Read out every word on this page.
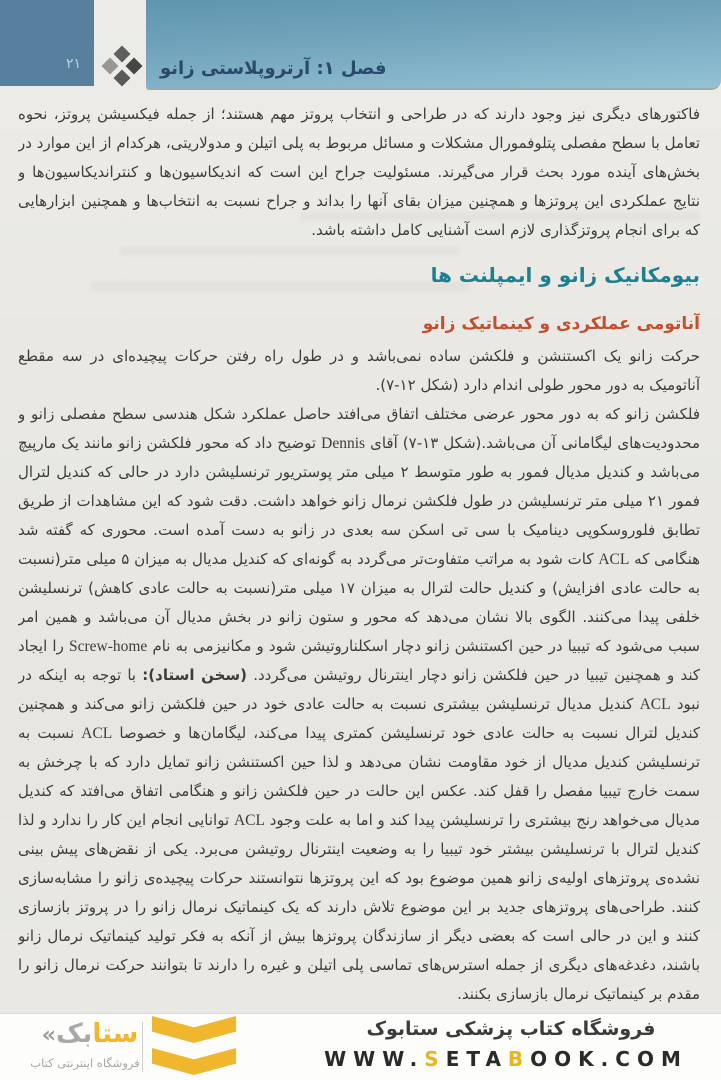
۲۱	فصل ۱: آرتروپلاستی زانو

فاکتورهای دیگری نیز وجود دارند که در طراحی و انتخاب پروتز مهم هستند؛ از جمله فیکسیشن پروتز، نحوه تعامل با سطح مفصلی پتلوفمورال مشکلات و مسائل مربوط به پلی اتیلن و مدولاریتی، هرکدام از این موارد در بخش‌های آینده مورد بحث قرار می‌گیرند. مسئولیت جراح این است که اندیکاسیون‌ها و کنتراندیکاسیون‌ها و نتایج عملکردی این پروتزها و همچنین میزان بقای آنها را بداند و جراح نسبت به انتخاب‌ها و همچنین ابزارهایی که برای انجام پروتزگذاری لازم است آشنایی کامل داشته باشد.

بیومکانیک زانو و ایمپلنت ها
آناتومی عملکردی و کینماتیک زانو

حرکت زانو یک اکستنشن و فلکشن ساده نمی‌باشد و در طول راه رفتن حرکات پیچیده‌ای در سه مقطع آناتومیک به دور محور طولی اندام دارد (شکل ۱۲-۷).

فلکشن زانو که به دور محور عرضی مختلف اتفاق می‌افتد حاصل عملکرد شکل هندسی سطح مفصلی زانو و محدودیت‌های لیگامانی آن می‌باشد.(شکل ۱۳-۷) آقای Dennis توضیح داد که محور فلکشن زانو مانند یک مارپیچ می‌باشد و کندیل مدیال فمور به طور متوسط ۲ میلی متر پوستریور ترنسلیشن دارد در حالی که کندیل لترال فمور ۲۱ میلی متر ترنسلیشن در طول فلکشن نرمال زانو خواهد داشت. دقت شود که این مشاهدات از طریق تطابق فلوروسکوپی دینامیک با سی تی اسکن سه بعدی در زانو به دست آمده است. محوری که گفته شد هنگامی که ACL کات شود به مراتب متفاوت‌تر می‌گردد به گونه‌ای که کندیل مدیال به میزان ۵ میلی متر(نسبت به حالت عادی افزایش) و کندیل حالت لترال به میزان ۱۷ میلی متر(نسبت به حالت عادی کاهش) ترنسلیشن خلفی پیدا می‌کنند. الگوی بالا نشان می‌دهد که محور و ستون زانو در بخش مدیال آن می‌باشد و همین امر سبب می‌شود که تیبیا در حین اکستنشن زانو دچار اسکلناروتیشن شود و مکانیزمی به نام Screw-home را ایجاد کند و همچنین تیبیا در حین فلکشن زانو دچار اینترنال روتیشن می‌گردد. (سخن استاد): با توجه به اینکه در نبود ACL کندیل مدیال ترنسلیشن بیشتری نسبت به حالت عادی خود در حین فلکشن زانو می‌کند و همچنین کندیل لترال نسبت به حالت عادی خود ترنسلیشن کمتری پیدا می‌کند، لیگامان‌ها و خصوصا ACL نسبت به ترنسلیشن کندیل مدیال از خود مقاومت نشان می‌دهد و لذا حین اکستنشن زانو تمایل دارد که با چرخش به سمت خارج تیبیا مفصل را قفل کند. عکس این حالت در حین فلکشن زانو و هنگامی اتفاق می‌افتد که کندیل مدیال می‌خواهد رنج بیشتری را ترنسلیشن پیدا کند و اما به علت وجود ACL توانایی انجام این کار را ندارد و لذا کندیل لترال با ترنسلیشن بیشتر خود تیبیا را به وضعیت اینترنال روتیشن می‌برد. یکی از نقض‌های پیش بینی نشده‌ی پروتزهای اولیه‌ی زانو همین موضوع بود که این پروتزها نتوانستند حرکات پیچیده‌ی زانو را مشابه‌سازی کنند. طراحی‌های پروتزهای جدید بر این موضوع تلاش دارند که یک کینماتیک نرمال زانو را در پروتز بازسازی کنند و این در حالی است که بعضی دیگر از سازندگان پروتزها بیش از آنکه به فکر تولید کینماتیک نرمال زانو باشند، دغدغه‌های دیگری از جمله استرس‌های تماسی پلی اتیلن و غیره را دارند تا بتوانند حرکت نرمال زانو را مقدم بر کینماتیک نرمال بازسازی بکنند.

فروشگاه کتاب پزشکی ستابوک
WWW.SETABOOK.COM
ستابک«
فروشگاه اینترنتی کتاب
